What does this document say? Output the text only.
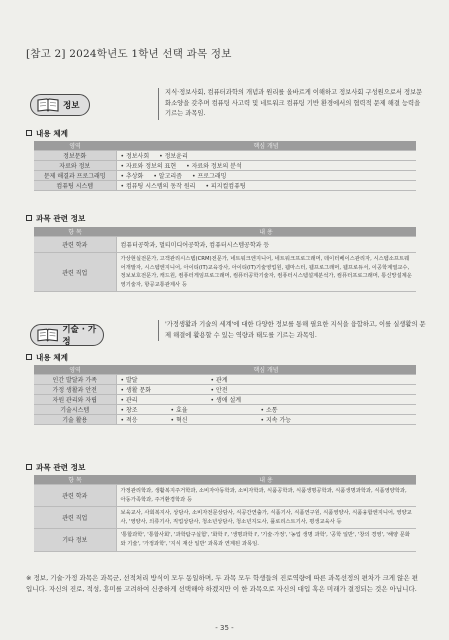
[참고 2] 2024학년도 1학년 선택 과목 정보
정보
지식·정보사회, 컴퓨터과학의 개념과 원리를 올바르게 이해하고 정보사회 구성원으로서 정보문화소양을 갖추며 컴퓨팅 사고력 및 네트워크 컴퓨팅 기반 환경에서의 협력적 문제 해결 능력을 기르는 과목임.
내용 체계
영역	핵심 개념
정보문화	• 정보사회 • 정보윤리

자료와 정보	• 자료와 정보의 표현 • 자료와 정보의 분석

문제 해결과 프로그래밍	• 추상화 • 알고리즘 • 프로그래밍

컴퓨팅 시스템	• 컴퓨팅 시스템의 동작 원리 • 피지컬컴퓨팅
과목 관련 정보
항 목	내 용
관련 학과	컴퓨터공학과, 멀티미디어공학과, 컴퓨터시스템공학과 등
관련 직업	가상현실전문가, 고객관리시스템(CRM)전문가, 네트워크엔지니어, 네트워크프로그래머, 데이터베이스관리자, 시스템소프트웨어개발자, 시스템엔지니어, 아이티(IT)교육강사, 아이티(IT)기술영업원, 웹마스터, 웹프로그래머, 웹프로듀서, 이공학계열교수, 정보보호전문가, 캐드원, 컴퓨터게임프로그래머, 컴퓨터공학기술자, 컴퓨터시스템설계분석가, 컴퓨터프로그래머, 통신망설계운영기술자, 항공교통관제사 등
기술 · 가정
'가정생활과 기술의 세계'에 대한 다양한 정보를 통해 필요한 지식을 융합하고, 이를 실생활의 문제 해결에 활용할 수 있는 역량과 태도를 기르는 과목임.
내용 체계
영역	핵심 개념
인간 발달과 가족	• 발달 • 관계

가정 생활과 안전	• 생활 문화 • 안전

자원 관리와 자립	• 관리 • 생애 설계

기술시스템	• 창조 • 효율 • 소통

기술 활용	• 적응 • 혁신 • 지속 가능
과목 관련 정보
항 목	내 용
관련 학과	가정관리학과, 생활복지주거학과, 소비자아동학과, 소비자학과, 식품공학과, 식품생명공학과, 식품생명과학과, 식품영양학과, 아동가족학과, 주거환경학과 등
관련 직업	보육교사, 사회복지사, 상담사, 소비자전문상담사, 식공간연출가, 식품기사, 식품연구원, 식품영양사, 식품융합엔지니어, 영양교사, '영양사, 의류기사, 직업상담사, 청소년상담사, 청소년지도사, 플로리스트기사, 평생교육사 등
기타 정보	'통합과학', '통합사회', '과학탐구실험', '화학 I', '생명과학 I', '기술·가정', '농업 생명 과학', '공학 일반', '창의 경영', '해양 문화와 기술', '가정과학', '지식 재산 일반' 과목과 연계된 과목임.
※ 정보, 기술·가정 과목은 과목군, 선적처리 방식이 모두 동일하며, 두 과목 모두 학생들의 진로역량에 따른 과목선정의 편차가 크게 않은 편입니다. 자신의 진로, 적성, 흥미를 고려하여 신중하게 선택해야 하겠지만 이 한 과목으로 자신의 대입 혹은 미래가 결정되는 것은 아닙니다.
- 35 -
